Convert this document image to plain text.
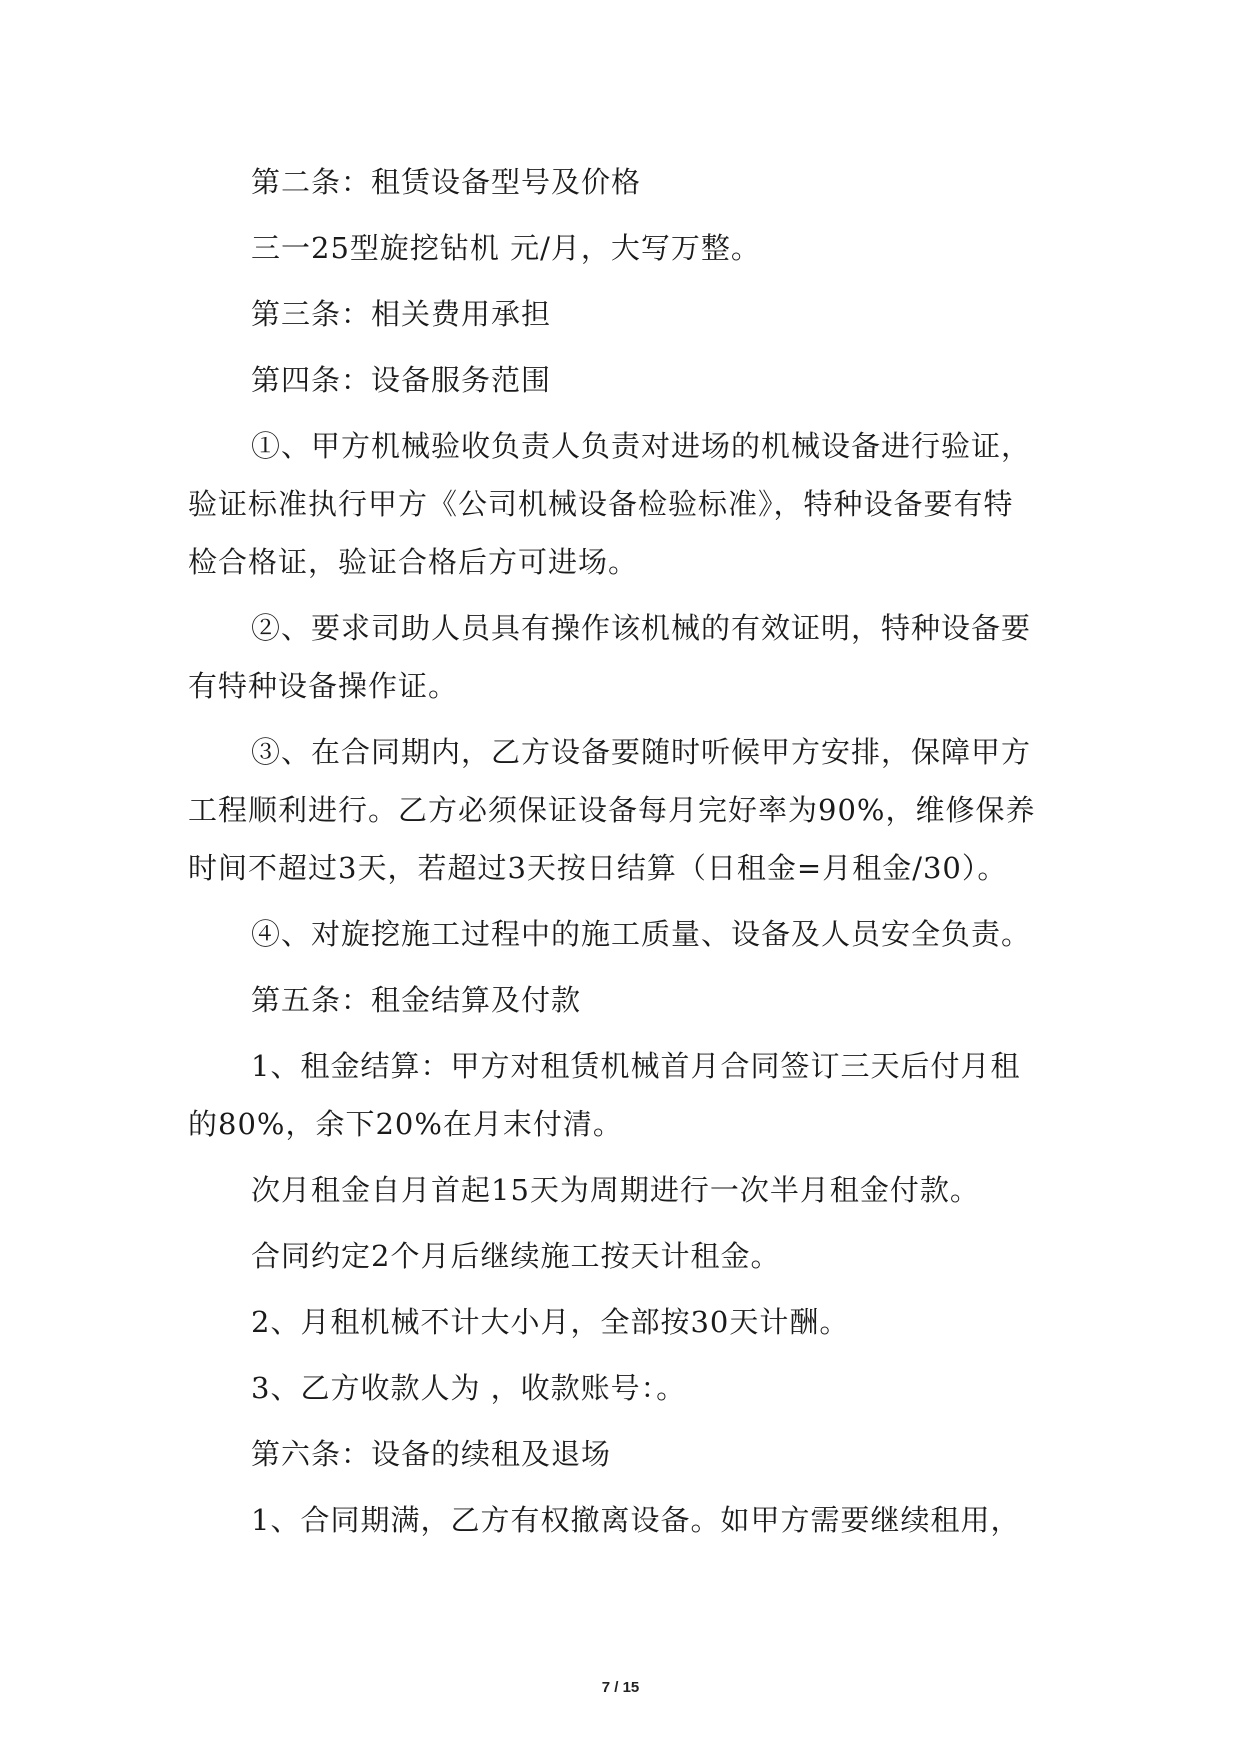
第二条：租赁设备型号及价格
三一25型旋挖钻机 元/月，大写万整。
第三条：相关费用承担
第四条：设备服务范围
①、甲方机械验收负责人负责对进场的机械设备进行验证，
验证标准执行甲方《公司机械设备检验标准》，特种设备要有特
检合格证，验证合格后方可进场。
②、要求司助人员具有操作该机械的有效证明，特种设备要
有特种设备操作证。
③、在合同期内，乙方设备要随时听候甲方安排，保障甲方
工程顺利进行。乙方必须保证设备每月完好率为90%，维修保养
时间不超过3天，若超过3天按日结算（日租金=月租金/30）。
④、对旋挖施工过程中的施工质量、设备及人员安全负责。
第五条：租金结算及付款
1、租金结算：甲方对租赁机械首月合同签订三天后付月租
的80%，余下20%在月末付清。
次月租金自月首起15天为周期进行一次半月租金付款。
合同约定2个月后继续施工按天计租金。
2、月租机械不计大小月，全部按30天计酬。
3、乙方收款人为 ，收款账号：。
第六条：设备的续租及退场
1、合同期满，乙方有权撤离设备。如甲方需要继续租用，
7 / 15
